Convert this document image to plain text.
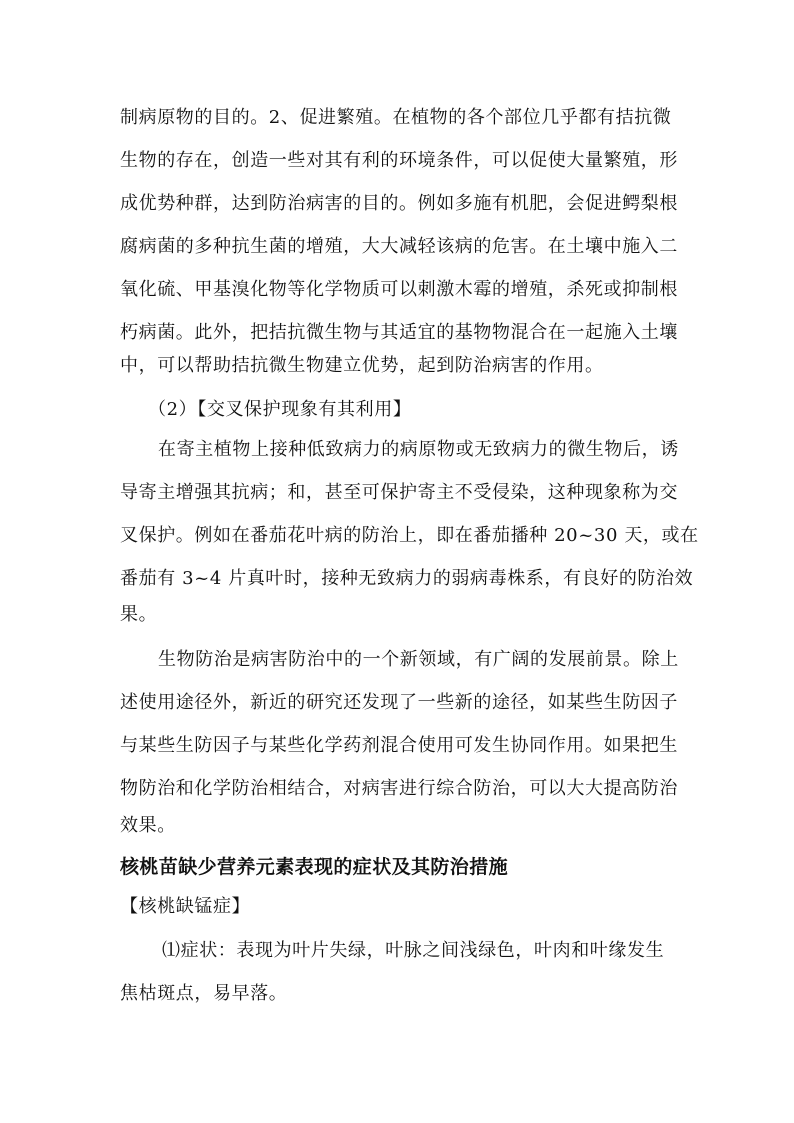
制病原物的目的。2、促进繁殖。在植物的各个部位几乎都有拮抗微
生物的存在，创造一些对其有利的环境条件，可以促使大量繁殖，形
成优势种群，达到防治病害的目的。例如多施有机肥，会促进鳄梨根
腐病菌的多种抗生菌的增殖，大大减轻该病的危害。在土壤中施入二
氧化硫、甲基溴化物等化学物质可以刺激木霉的增殖，杀死或抑制根
朽病菌。此外，把拮抗微生物与其适宜的基物物混合在一起施入土壤
中，可以帮助拮抗微生物建立优势，起到防治病害的作用。
（2）【交叉保护现象有其利用】
在寄主植物上接种低致病力的病原物或无致病力的微生物后，诱
导寄主增强其抗病；和，甚至可保护寄主不受侵染，这种现象称为交
叉保护。例如在番茄花叶病的防治上，即在番茄播种 20~30 天，或在
番茄有 3~4 片真叶时，接种无致病力的弱病毒株系，有良好的防治效
果。
生物防治是病害防治中的一个新领域，有广阔的发展前景。除上
述使用途径外，新近的研究还发现了一些新的途径，如某些生防因子
与某些生防因子与某些化学药剂混合使用可发生协同作用。如果把生
物防治和化学防治相结合，对病害进行综合防治，可以大大提高防治
效果。
核桃苗缺少营养元素表现的症状及其防治措施
【核桃缺锰症】
⑴症状：表现为叶片失绿，叶脉之间浅绿色，叶肉和叶缘发生
焦枯斑点，易早落。
